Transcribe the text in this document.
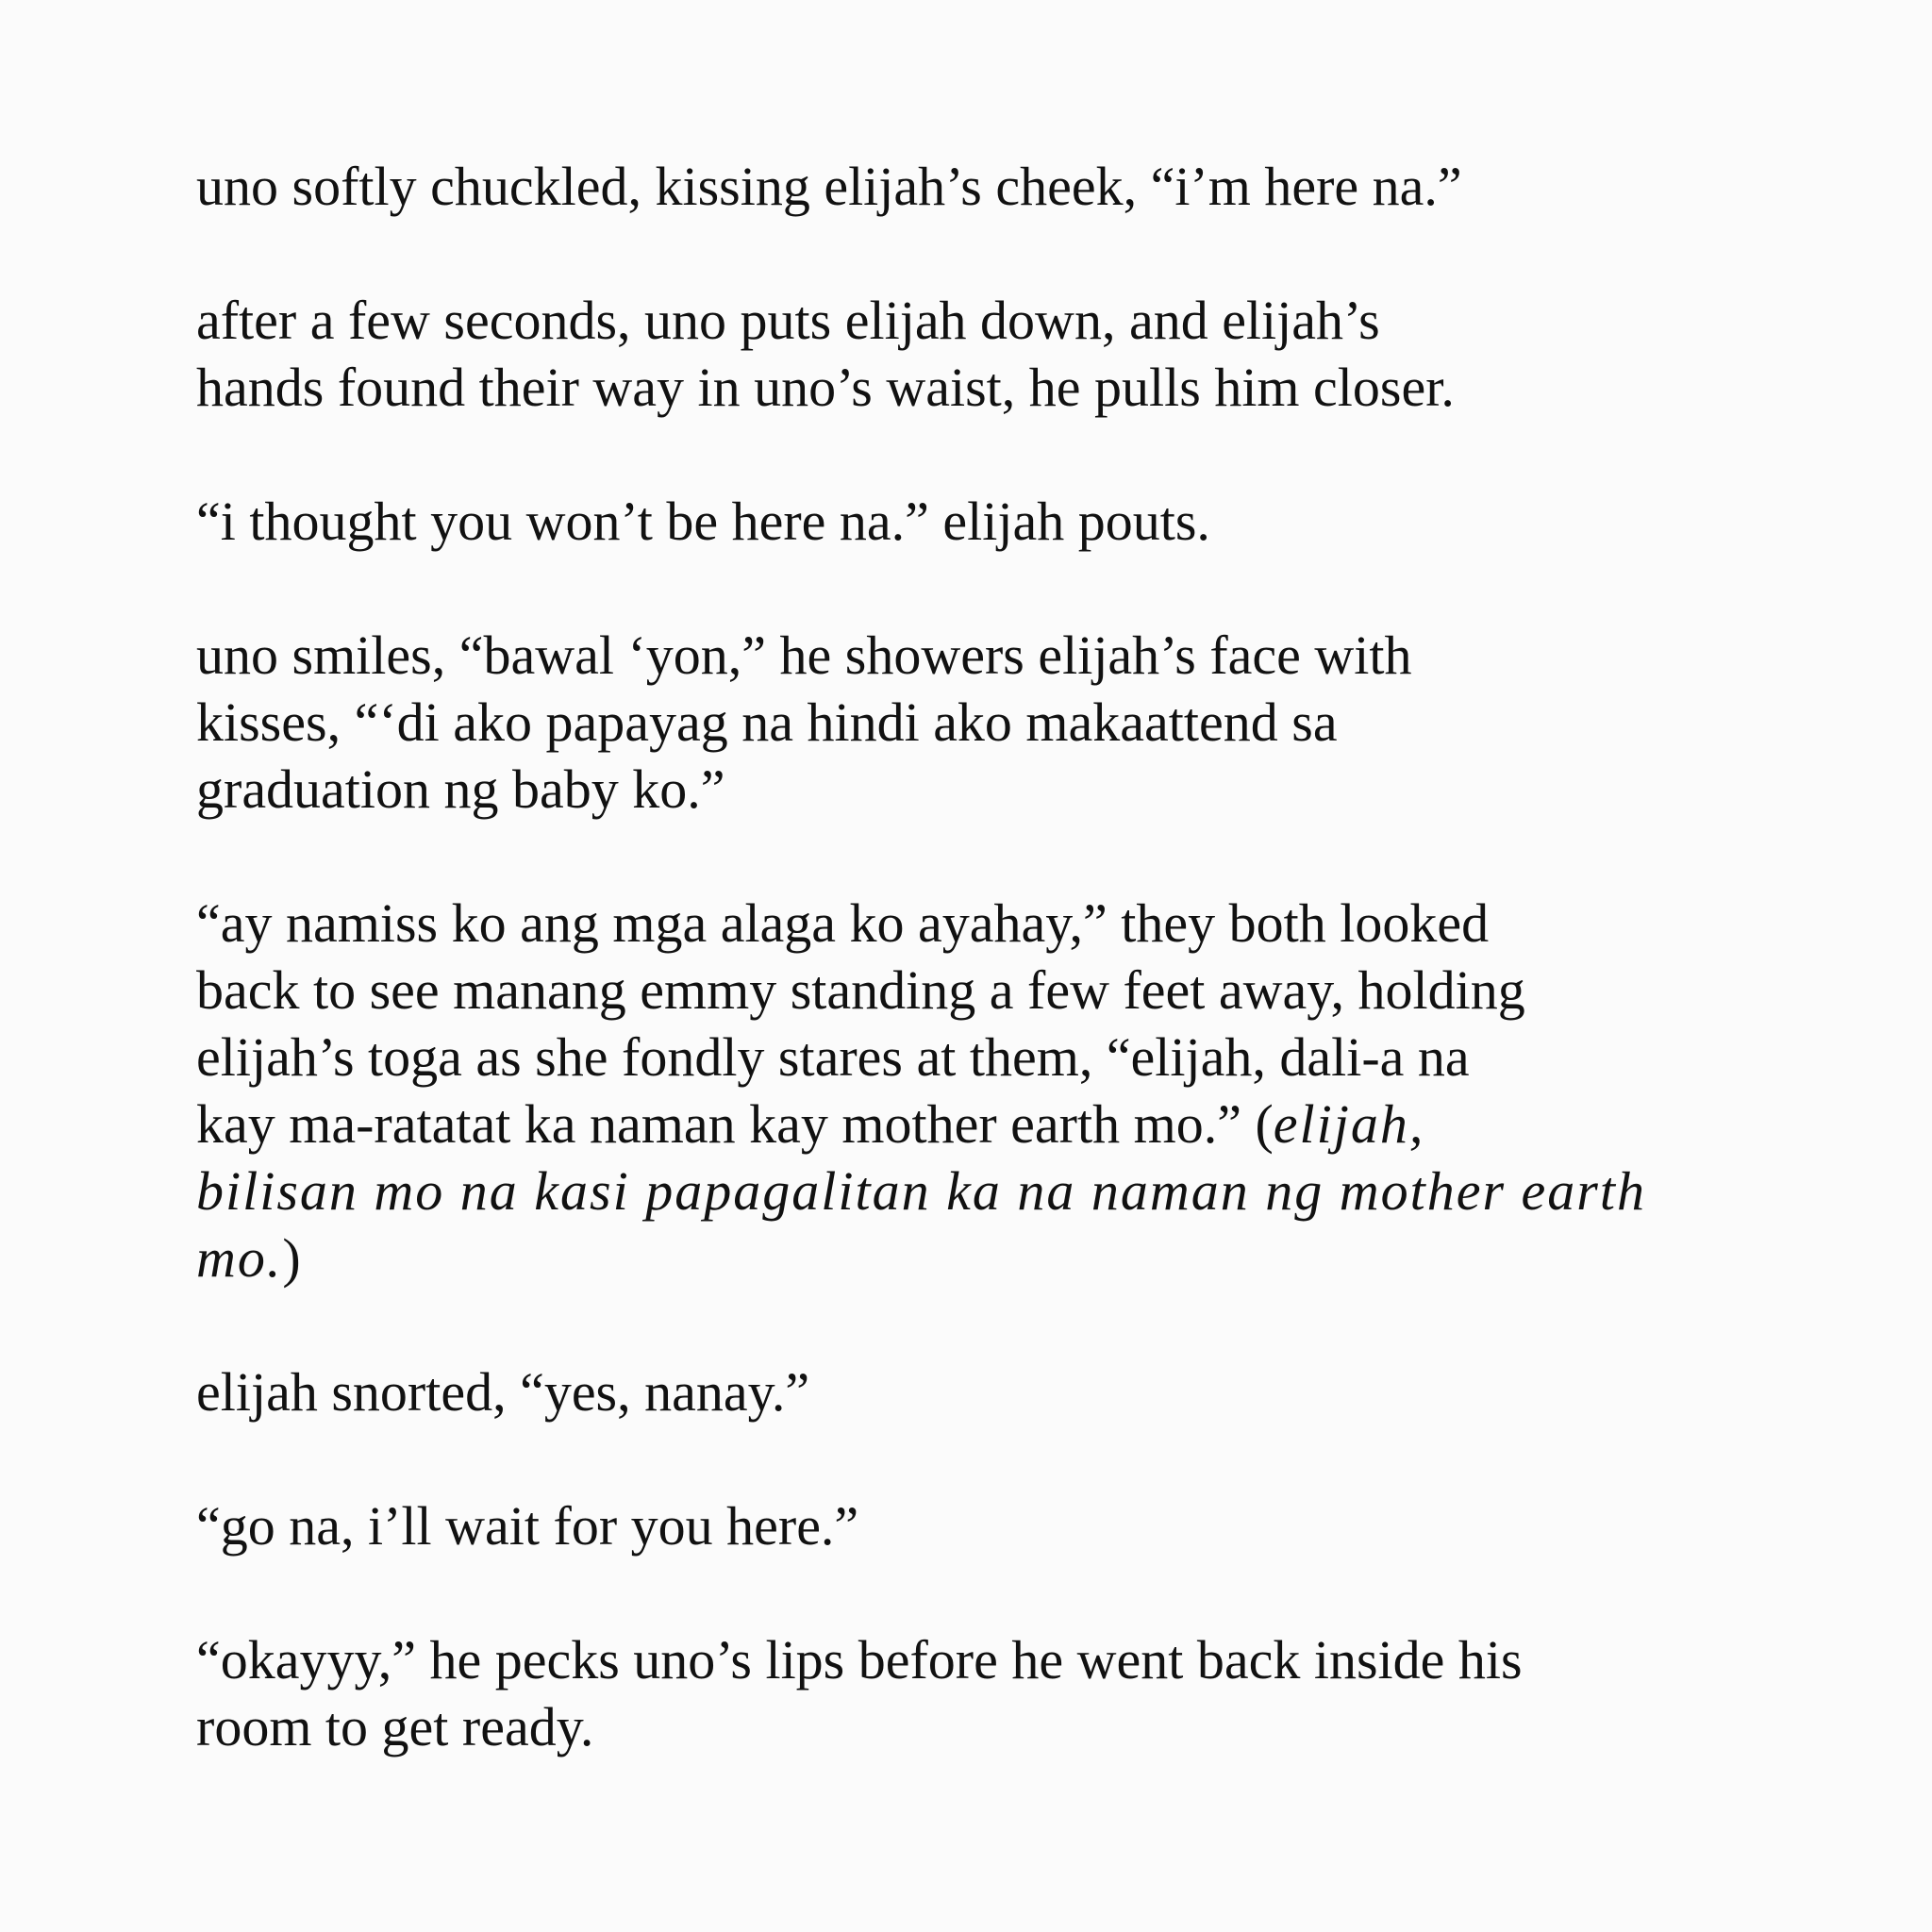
uno softly chuckled, kissing elijah’s cheek, “i’m here na.”

after a few seconds, uno puts elijah down, and elijah’s
hands found their way in uno’s waist, he pulls him closer.

“i thought you won’t be here na.” elijah pouts.

uno smiles, “bawal ‘yon,” he showers elijah’s face with
kisses, “‘di ako papayag na hindi ako makaattend sa
graduation ng baby ko.”

“ay namiss ko ang mga alaga ko ayahay,” they both looked
back to see manang emmy standing a few feet away, holding
elijah’s toga as she fondly stares at them, “elijah, dali-a na
kay ma-ratatat ka naman kay mother earth mo.” (elijah,
bilisan mo na kasi papagalitan ka na naman ng mother earth
mo.)

elijah snorted, “yes, nanay.”

“go na, i’ll wait for you here.”

“okayyy,” he pecks uno’s lips before he went back inside his
room to get ready.
